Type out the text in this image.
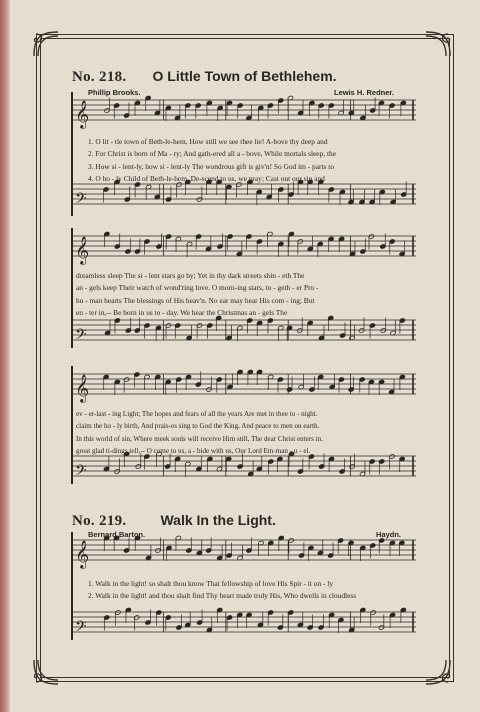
No. 218. O Little Town of Bethlehem.
Phillip Brooks.	Lewis H. Redner.
𝄞
𝄢
𝄞
𝄢
𝄞
𝄢
𝄞
𝄢
1. O lit - tle town of Beth-le-hem, How still we see thee lie! A-bove thy deep and
2. For Christ is born of Ma - ry; And gath-ered all a - bove, While mortals sleep, the
3. How si - lent-ly, how si - lent-ly The wondrous gift is giv'n! So God im - parts to
4. O ho - ly Child of Beth-le-hem, De-scend to us, we pray; Cast out our sin and
dreamless sleep The si - lent stars go by; Yet in thy dark streets shin - eth The
an - gels keep Their watch of wond'ring love. O morn-ing stars, to - geth - er Pro -
hu - man hearts The blessings of His heav'n. No ear may hear His com - ing; But
en - ter in,-- Be born in us to - day. We hear the Christmas an - gels The
ev - er-last - ing Light; The hopes and fears of all the years Are met in thee to - night.
claim the ho - ly birth, And prais-es sing to God the King, And peace to men on earth.
In this world of sin, Where meek souls will receive Him still, The dear Christ enters in.
great glad ti-dings tell,-- O come to us, a - bide with us, Our Lord Em-man - u - el.
No. 219. Walk In the Light.
Bernard Barton.	Haydn.
1. Walk in the light! so shalt thou know That fellowship of love His Spir - it on - ly
2. Walk in the light! and thou shalt find Thy heart made truly His, Who dwells in cloudless
